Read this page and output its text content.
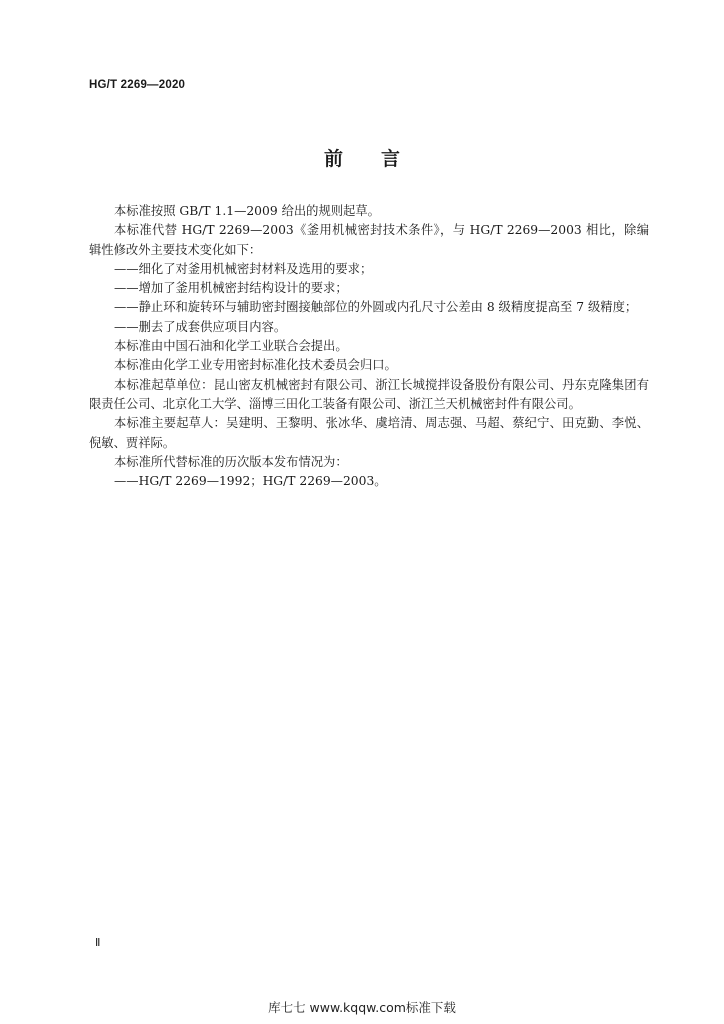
HG/T 2269—2020
前言

本标准按照 GB/T 1.1—2009 给出的规则起草。

本标准代替 HG/T 2269—2003《釜用机械密封技术条件》，与 HG/T 2269—2003 相比，除编辑性修改外主要技术变化如下：

——细化了对釜用机械密封材料及选用的要求；

——增加了釜用机械密封结构设计的要求；

——静止环和旋转环与辅助密封圈接触部位的外圆或内孔尺寸公差由 8 级精度提高至 7 级精度；

——删去了成套供应项目内容。

本标准由中国石油和化学工业联合会提出。

本标准由化学工业专用密封标准化技术委员会归口。

本标准起草单位：昆山密友机械密封有限公司、浙江长城搅拌设备股份有限公司、丹东克隆集团有限责任公司、北京化工大学、淄博三田化工装备有限公司、浙江兰天机械密封件有限公司。

本标准主要起草人：吴建明、王黎明、张冰华、虞培清、周志强、马超、蔡纪宁、田克勤、李悦、倪敏、贾祥际。

本标准所代替标准的历次版本发布情况为：

——HG/T 2269—1992；HG/T 2269—2003。

Ⅱ
库七七 www.kqqw.com标准下载
